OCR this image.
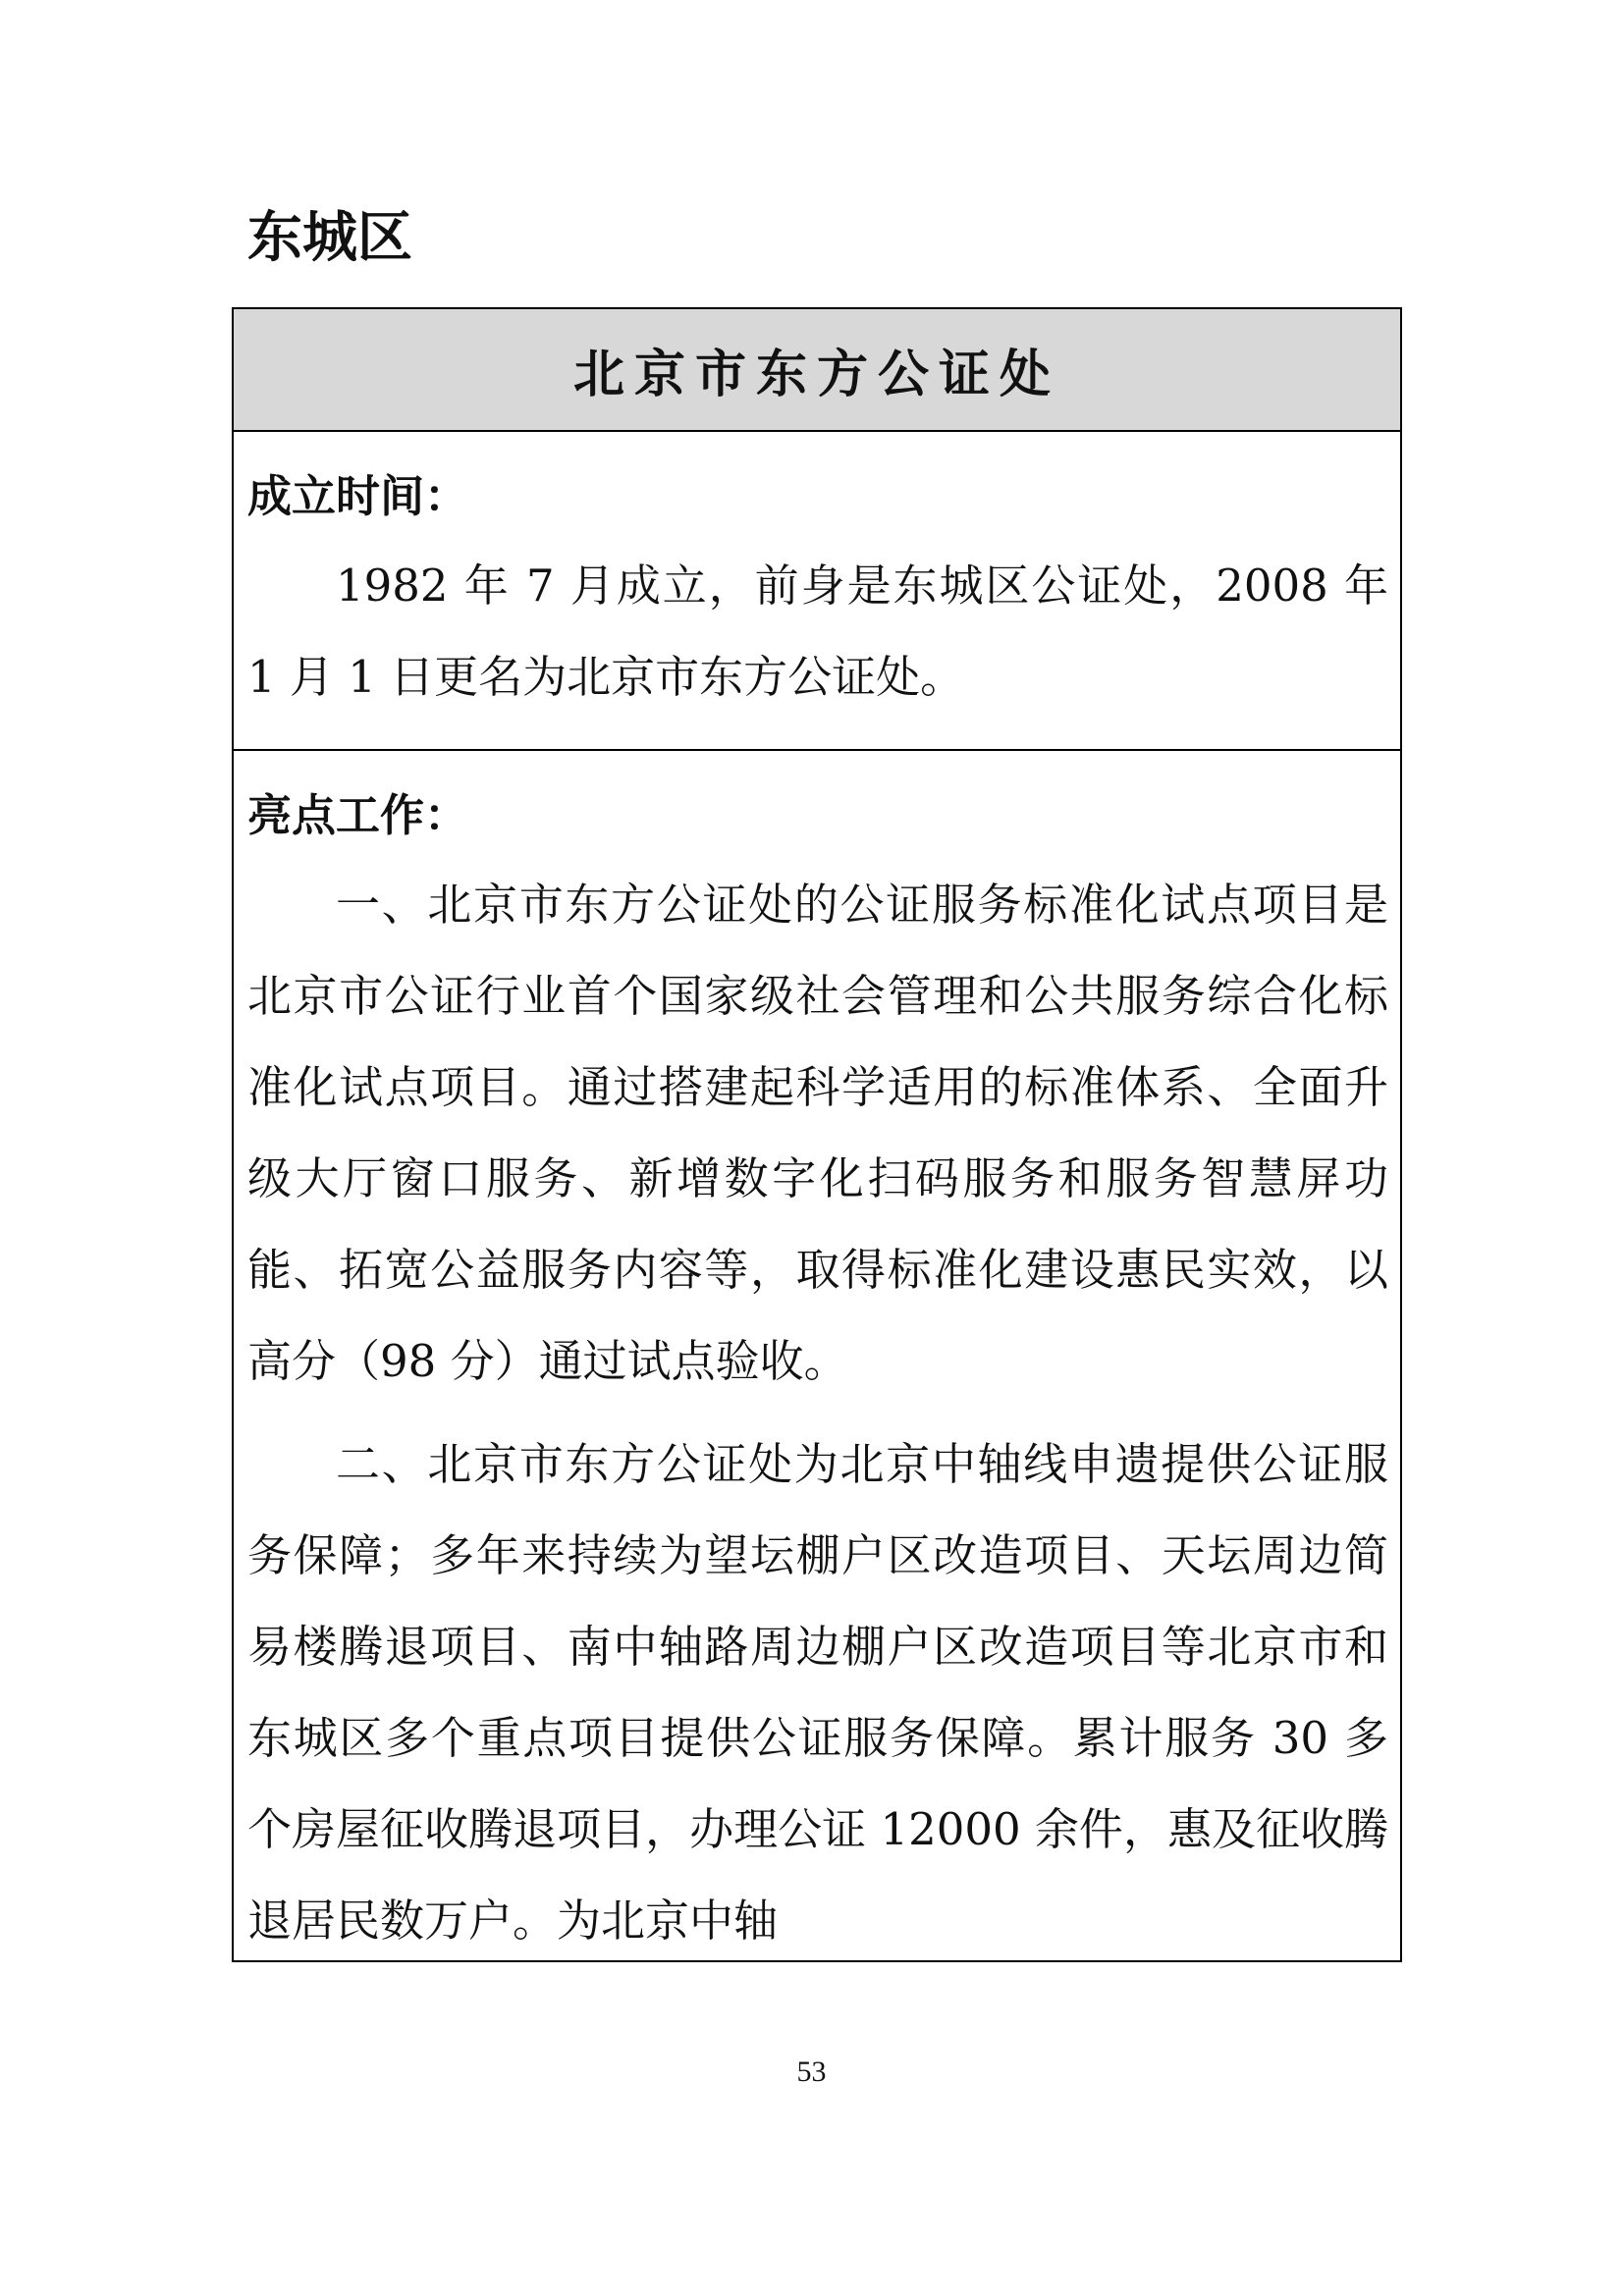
东城区
北京市东方公证处

成立时间：

1982 年 7 月成立，前身是东城区公证处，2008 年 1 月 1 日更名为北京市东方公证处。

亮点工作：

一、北京市东方公证处的公证服务标准化试点项目是北京市公证行业首个国家级社会管理和公共服务综合化标准化试点项目。通过搭建起科学适用的标准体系、全面升级大厅窗口服务、新增数字化扫码服务和服务智慧屏功能、拓宽公益服务内容等，取得标准化建设惠民实效，以高分（98 分）通过试点验收。

二、北京市东方公证处为北京中轴线申遗提供公证服务保障；多年来持续为望坛棚户区改造项目、天坛周边简易楼腾退项目、南中轴路周边棚户区改造项目等北京市和东城区多个重点项目提供公证服务保障。累计服务 30 多个房屋征收腾退项目，办理公证 12000 余件，惠及征收腾退居民数万户。为北京中轴

53
